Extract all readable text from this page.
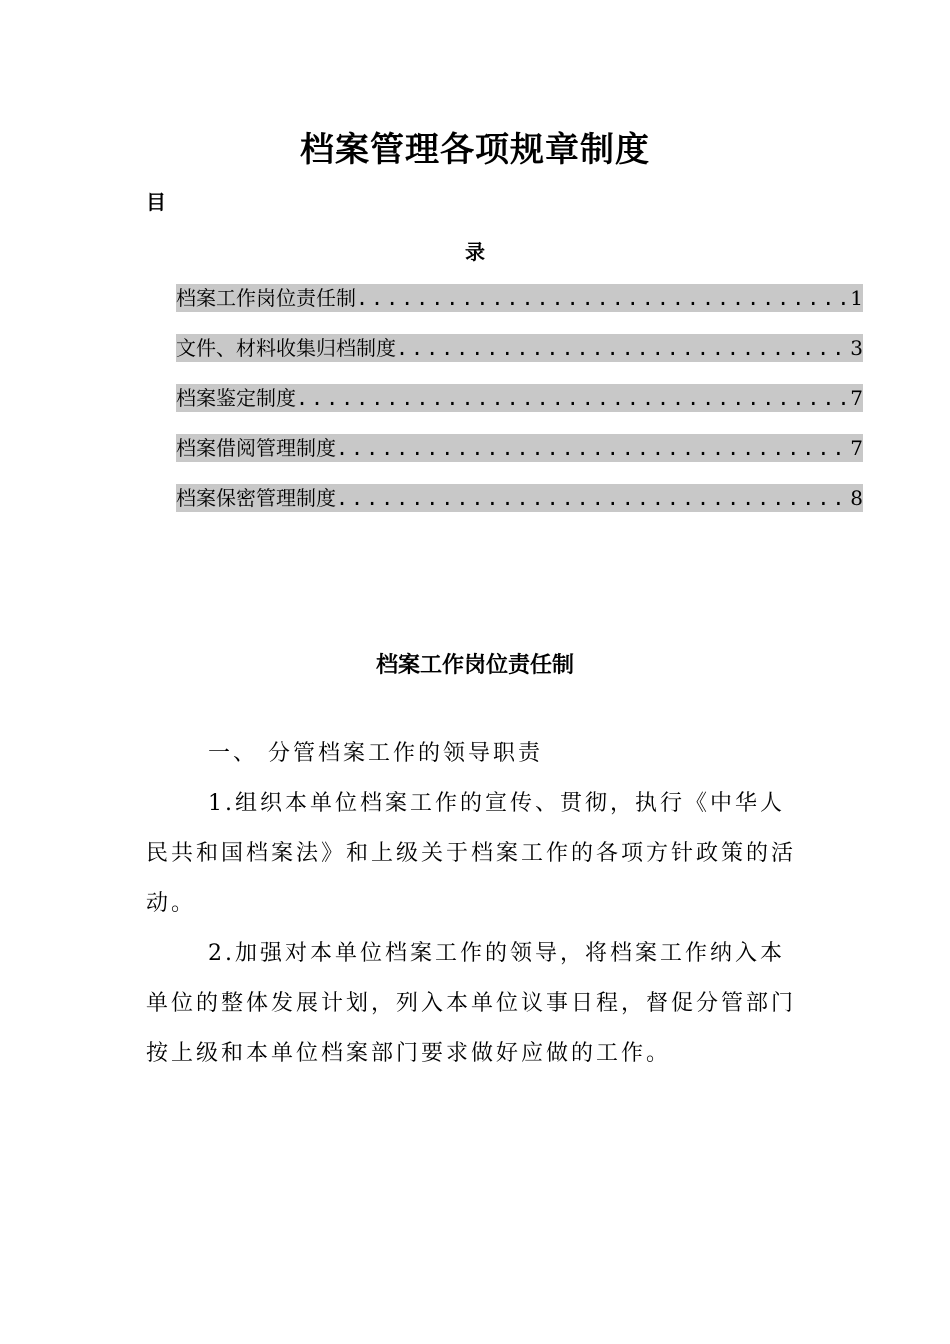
档案管理各项规章制度
目
录
档案工作岗位责任制 .....	1
文件、材料收集归档制度 .....	3
档案鉴定制度 .....	7
档案借阅管理制度 .....	7
档案保密管理制度 .....	8
档案工作岗位责任制
一、 分管档案工作的领导职责
1.组织本单位档案工作的宣传、贯彻，执行《中华人民共和国档案法》和上级关于档案工作的各项方针政策的活动。
2.加强对本单位档案工作的领导，将档案工作纳入本单位的整体发展计划，列入本单位议事日程，督促分管部门按上级和本单位档案部门要求做好应做的工作。
